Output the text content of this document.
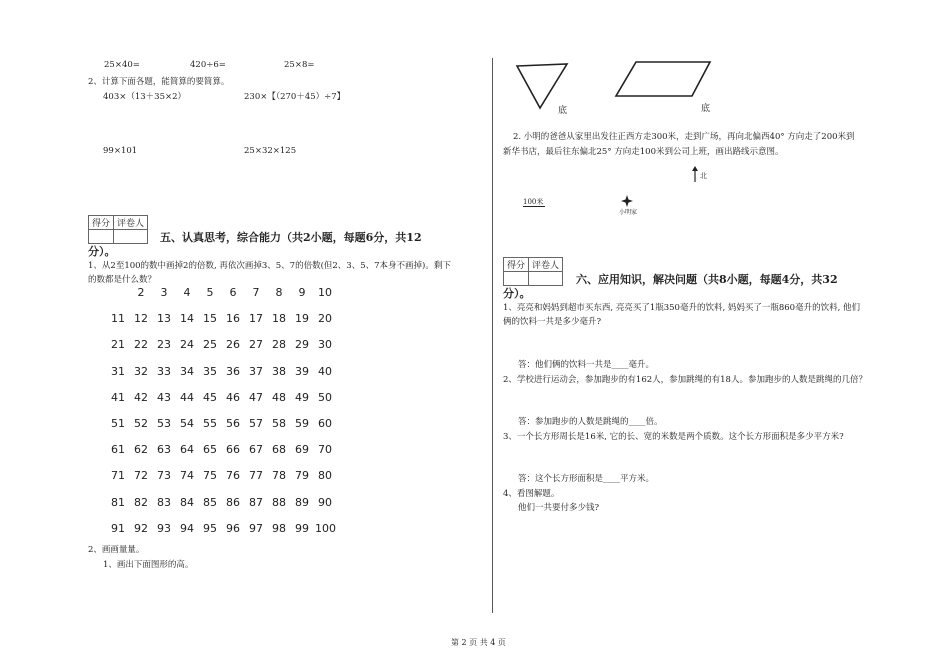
25×40=	420÷6=	25×8=
2、计算下面各题，能简算的要简算。
403×（13＋35×2）	230×【（270＋45）÷7】
99×101	25×32×125
得分	评卷人

五、认真思考，综合能力（共2小题，每题6分，共12
分）。
1、从2至100的数中画掉2的倍数, 再依次画掉3、5、7的倍数(但2、3、5、7本身不画掉)。剩下
的数都是什么数？
2	3	4	5	6	7	8	9	10
11 12 13 14 15 16 17 18 19 20
21 22 23 24 25 26 27 28 29 30
31 32 33 34 35 36 37 38 39 40
41 42 43 44 45 46 47 48 49 50
51 52 53 54 55 56 57 58 59 60
61 62 63 64 65 66 67 68 69 70
71 72 73 74 75 76 77 78 79 80
81 82 83 84 85 86 87 88 89 90
91 92 93 94 95 96 97 98 99 100
2、画画量量。
1、画出下面图形的高。
底	底
2. 小明的爸爸从家里出发往正西方走300米，走到广场，再向北偏西40° 方向走了200米到
新华书店，最后往东偏北25° 方向走100米到公司上班，画出路线示意图。
北
100米
小明家
得分	评卷人

六、应用知识，解决问题（共8小题，每题4分，共32
分）。
1、亮亮和妈妈到超市买东西, 亮亮买了1瓶350毫升的饮料, 妈妈买了一瓶860毫升的饮料, 他们
俩的饮料一共是多少毫升?
答：他们俩的饮料一共是____毫升。
2、学校进行运动会，参加跑步的有162人，参加跳绳的有18人。参加跑步的人数是跳绳的几倍？
答：参加跑步的人数是跳绳的____倍。
3、一个长方形周长是16米, 它的长、宽的米数是两个质数。这个长方形面积是多少平方米?
答：这个长方形面积是____平方米。
4、看图解题。
他们一共要付多少钱?
第 2 页 共 4 页
